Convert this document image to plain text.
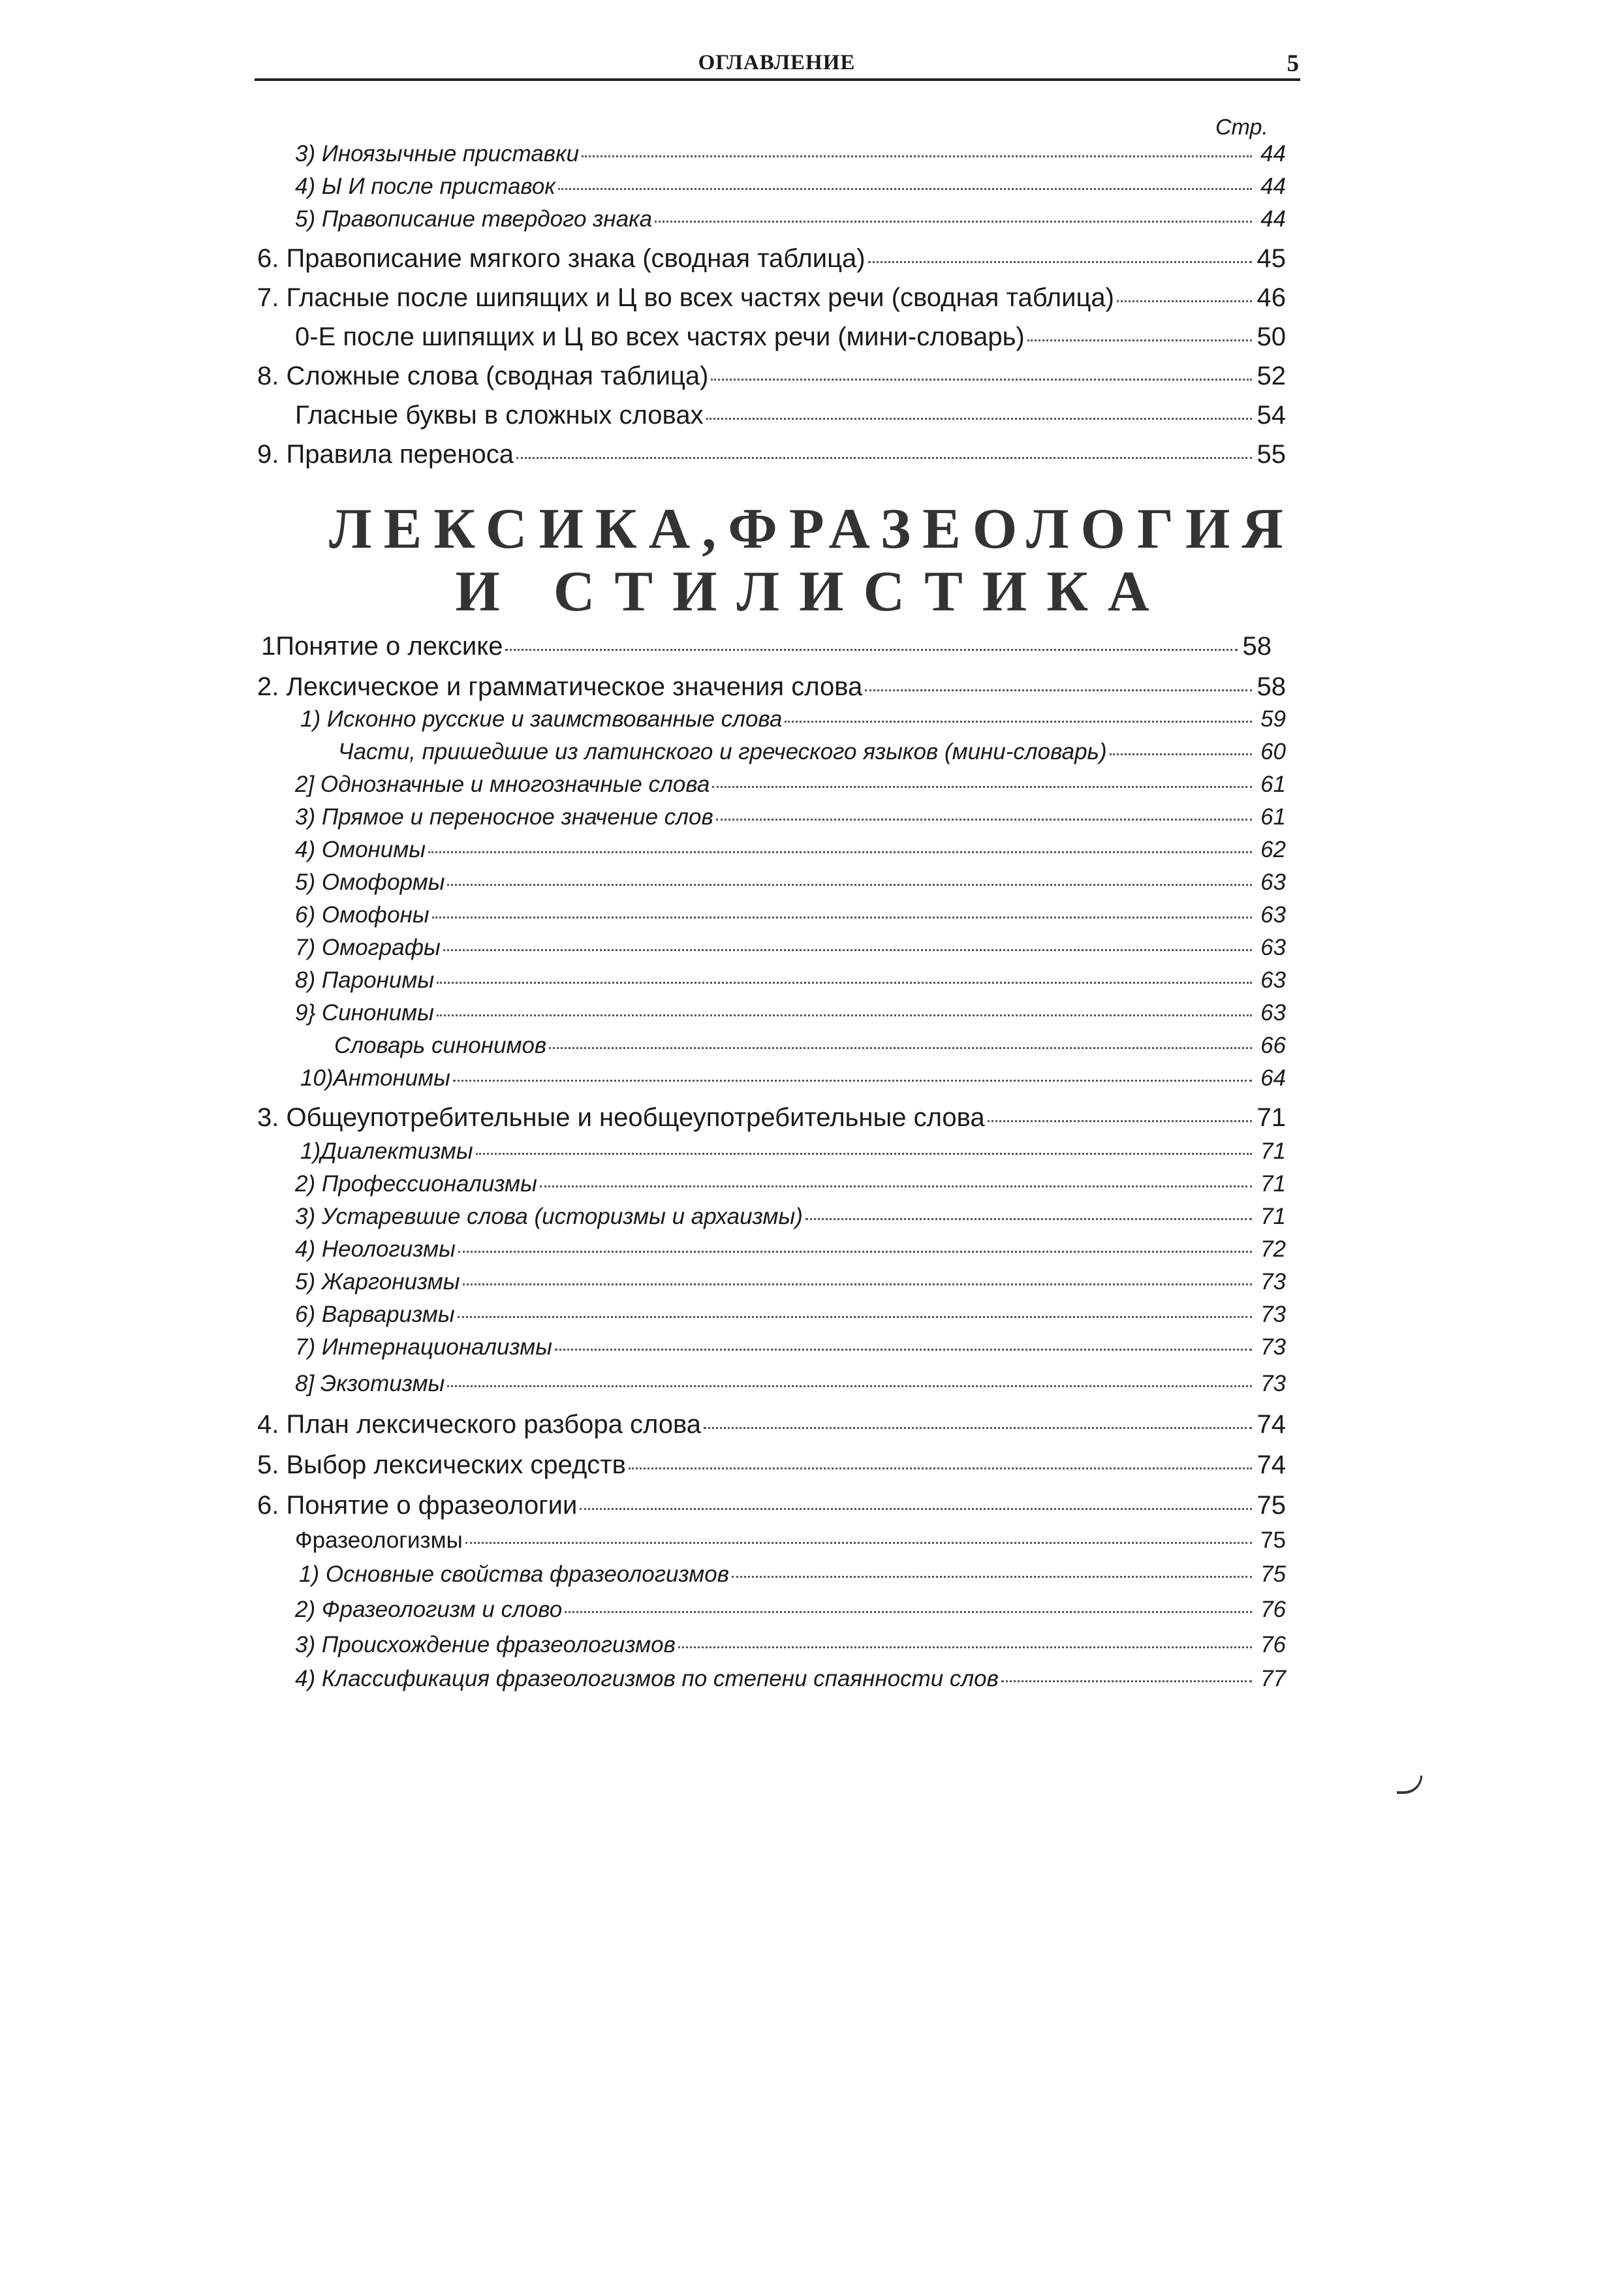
ОГЛАВЛЕНИЕ	5
Стр.
3) Иноязычные приставки	44
4) Ы И после приставок	44
5) Правописание твердого знака	44
6. Правописание мягкого знака (сводная таблица)	45
7. Гласные после шипящих и Ц во всех частях речи (сводная таблица)	46
0-Е после шипящих и Ц во всех частях речи (мини-словарь)	50
8. Сложные слова (сводная таблица)	52
Гласные буквы в сложных словах	54
9. Правила переноса	55
ЛЕКСИКА,ФРАЗЕОЛОГИЯ
И СТИЛИСТИКА
1Понятие о лексике	58
2. Лексическое и грамматическое значения слова	58
1) Исконно русские и заимствованные слова	59
Части, пришедшие из латинского и греческого языков (мини-словарь)	60
2] Однозначные и многозначные слова	61
3) Прямое и переносное значение слов	61
4) Омонимы	62
5) Омоформы	63
6) Омофоны	63
7) Омографы	63
8) Паронимы	63
9} Синонимы	63
Словарь синонимов	66
10)Антонимы	64
3. Общеупотребительные и необщеупотребительные слова	71
1)Диалектизмы	71
2) Профессионализмы	71
3) Устаревшие слова (историзмы и архаизмы)	71
4) Неологизмы	72
5) Жаргонизмы	73
6) Варваризмы	73
7) Интернационализмы	73
8] Экзотизмы	73
4. План лексического разбора слова	74
5. Выбор лексических средств	74
6. Понятие о фразеологии	75
Фразеологизмы	75
1) Основные свойства фразеологизмов	75
2) Фразеологизм и слово	76
3) Происхождение фразеологизмов	76
4) Классификация фразеологизмов по степени спаянности слов	77
